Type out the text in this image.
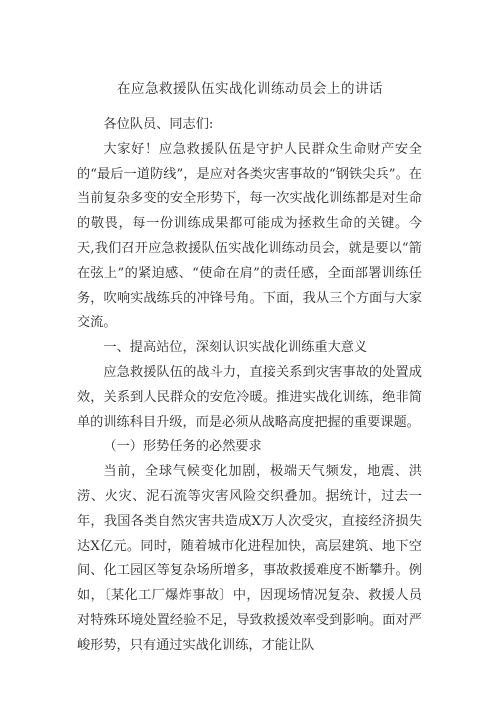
在应急救援队伍实战化训练动员会上的讲话

各位队员、同志们:

大家好！应急救援队伍是守护人民群众生命财产安全的“最后一道防线”，是应对各类灾害事故的“钢铁尖兵”。在当前复杂多变的安全形势下，每一次实战化训练都是对生命的敬畏，每一份训练成果都可能成为拯救生命的关键。今天,我们召开应急救援队伍实战化训练动员会，就是要以“箭在弦上”的紧迫感、“使命在肩”的责任感，全面部署训练任务，吹响实战练兵的冲锋号角。下面，我从三个方面与大家交流。

一、提高站位，深刻认识实战化训练重大意义

应急救援队伍的战斗力，直接关系到灾害事故的处置成效，关系到人民群众的安危冷暖。推进实战化训练，绝非简单的训练科目升级，而是必须从战略高度把握的重要课题。

（一）形势任务的必然要求

当前，全球气候变化加剧，极端天气频发，地震、洪涝、火灾、泥石流等灾害风险交织叠加。据统计，过去一年，我国各类自然灾害共造成X万人次受灾，直接经济损失达X亿元。同时，随着城市化进程加快，高层建筑、地下空间、化工园区等复杂场所增多，事故救援难度不断攀升。例如，〔某化工厂爆炸事故〕中，因现场情况复杂、救援人员对特殊环境处置经验不足，导致救援效率受到影响。面对严峻形势，只有通过实战化训练，才能让队
